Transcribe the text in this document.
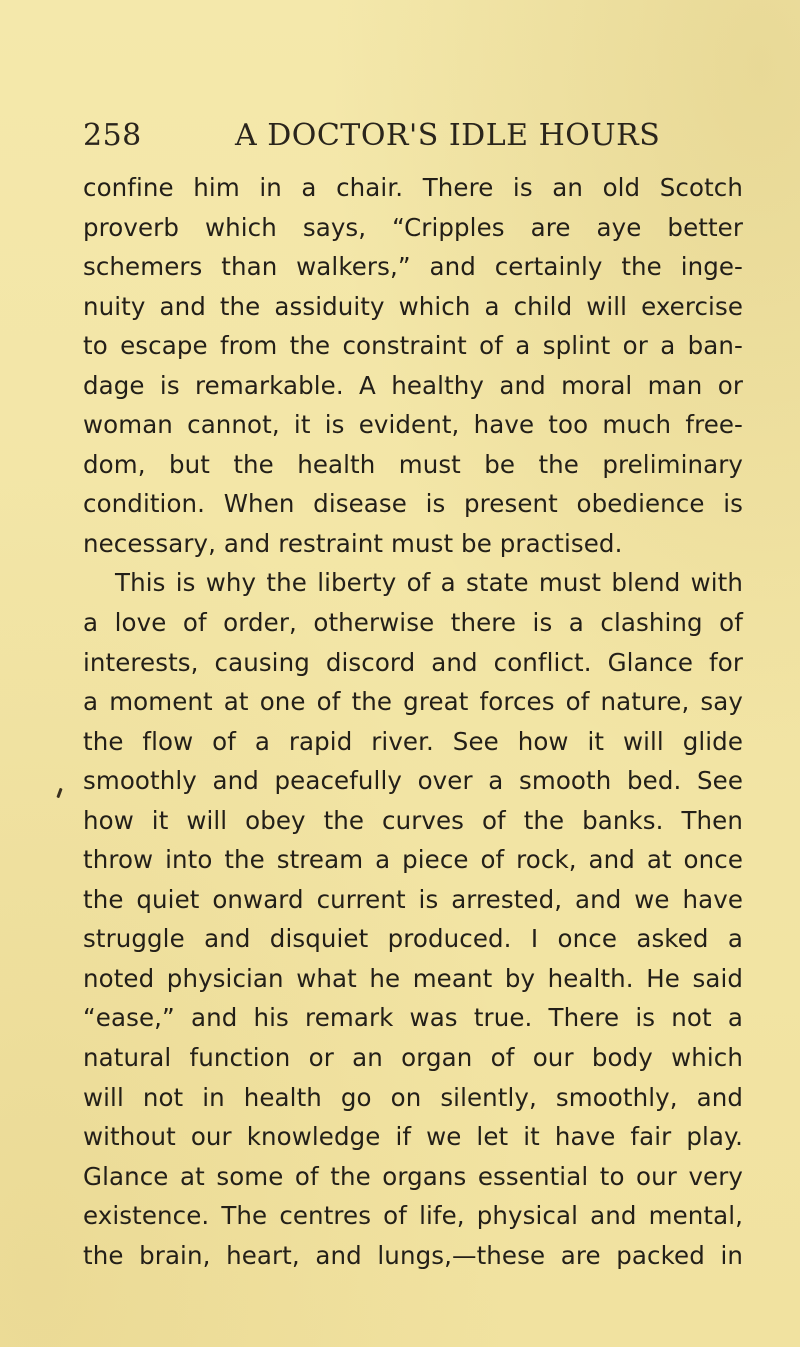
258	A DOCTOR'S IDLE HOURS
confine him in a chair. There is an old Scotch
proverb which says, “Cripples are aye better
schemers than walkers,” and certainly the inge-
nuity and the assiduity which a child will exercise
to escape from the constraint of a splint or a ban-
dage is remarkable. A healthy and moral man or
woman cannot, it is evident, have too much free-
dom, but the health must be the preliminary
condition. When disease is present obedience is
necessary, and restraint must be practised.
This is why the liberty of a state must blend with
a love of order, otherwise there is a clashing of
interests, causing discord and conflict. Glance for
a moment at one of the great forces of nature, say
the flow of a rapid river. See how it will glide
smoothly and peacefully over a smooth bed. See
how it will obey the curves of the banks. Then
throw into the stream a piece of rock, and at once
the quiet onward current is arrested, and we have
struggle and disquiet produced. I once asked a
noted physician what he meant by health. He said
“ease,” and his remark was true. There is not a
natural function or an organ of our body which
will not in health go on silently, smoothly, and
without our knowledge if we let it have fair play.
Glance at some of the organs essential to our very
existence. The centres of life, physical and mental,
the brain, heart, and lungs,—these are packed in
